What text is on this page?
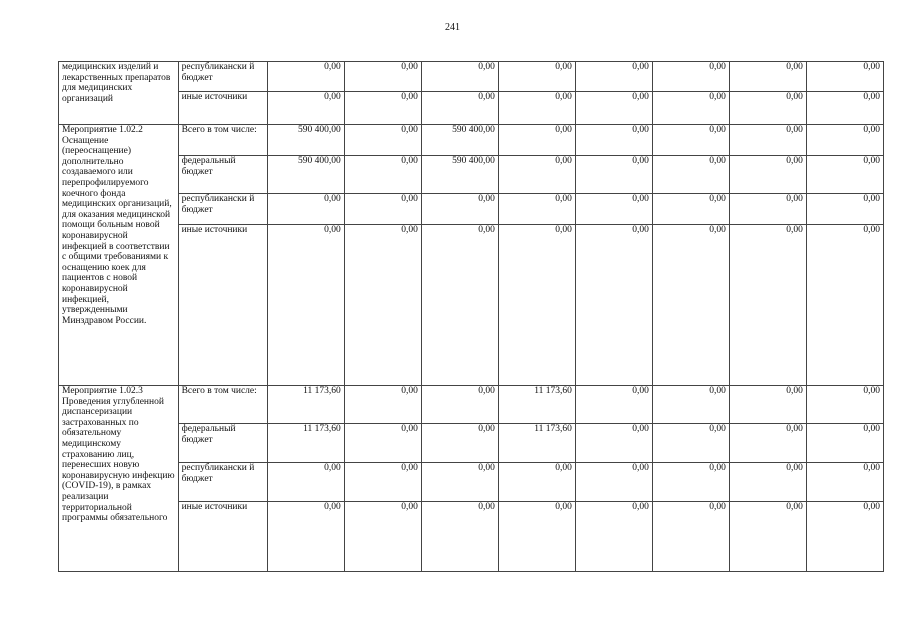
241
медицинских изделий и лекарственных препаратов для медицинских организаций	республикански й бюджет	0,00	0,00	0,00	0,00	0,00	0,00	0,00	0,00
	иные источники	0,00	0,00	0,00	0,00	0,00	0,00	0,00	0,00
Мероприятие 1.02.2 Оснащение (переоснащение) дополнительно создаваемого или перепрофилируемого коечного фонда медицинских организаций, для оказания медицинской помощи больным новой коронавирусной инфекцией в соответствии с общими требованиями к оснащению коек для пациентов с новой коронавирусной инфекцией, утвержденными Минздравом России.	Всего в том числе:	590 400,00	0,00	590 400,00	0,00	0,00	0,00	0,00	0,00
	федеральный бюджет	590 400,00	0,00	590 400,00	0,00	0,00	0,00	0,00	0,00
	республикански й бюджет	0,00	0,00	0,00	0,00	0,00	0,00	0,00	0,00
	иные источники	0,00	0,00	0,00	0,00	0,00	0,00	0,00	0,00
Мероприятие 1.02.3 Проведения углубленной диспансеризации застрахованных по обязательному медицинскому страхованию лиц, перенесших новую коронавирусную инфекцию (COVID-19), в рамках реализации территориальной программы обязательного	Всего в том числе:	11 173,60	0,00	0,00	11 173,60	0,00	0,00	0,00	0,00
	федеральный бюджет	11 173,60	0,00	0,00	11 173,60	0,00	0,00	0,00	0,00
	республикански й бюджет	0,00	0,00	0,00	0,00	0,00	0,00	0,00	0,00
	иные источники	0,00	0,00	0,00	0,00	0,00	0,00	0,00	0,00
